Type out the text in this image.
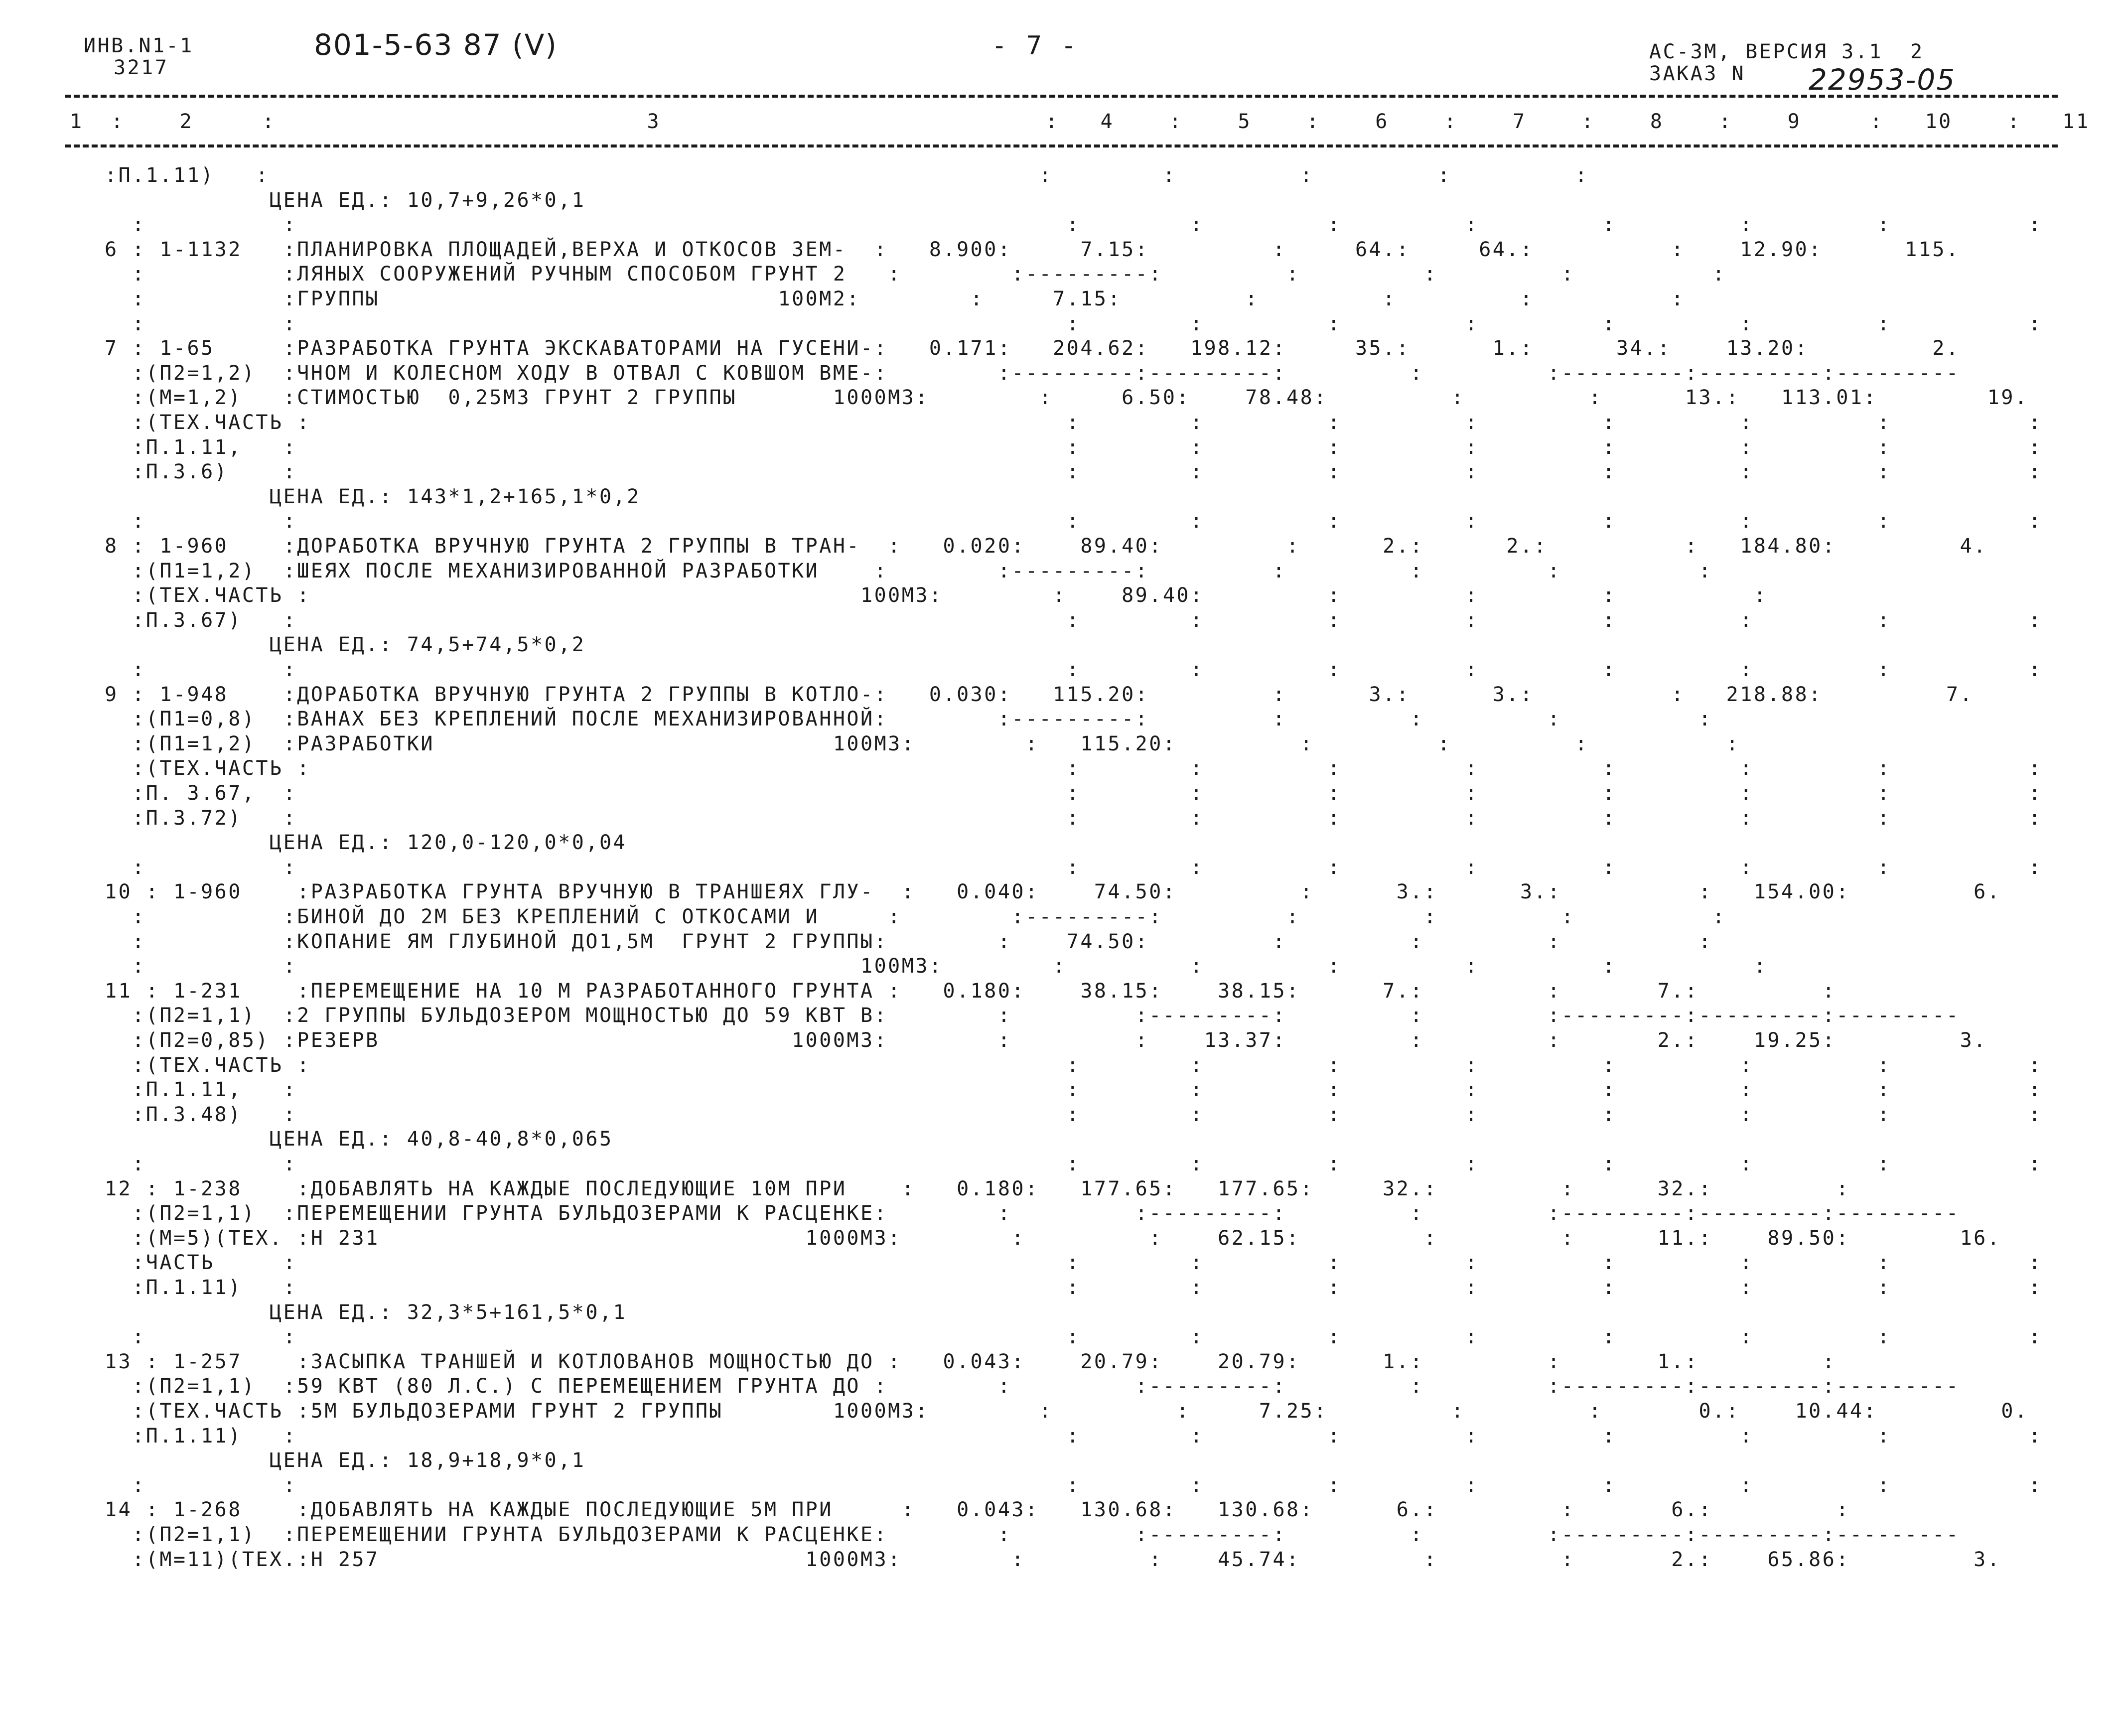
ИНВ.N1-1
3217
801-5-63 87 (V)	- 7 -	АС-3М, ВЕРСИЯ 3.1  2
ЗАКАЗ N 22953-05
1  :    2     :                           3                            :   4    :    5    :    6    :    7    :    8    :    9     :   10    :   11
:П.1.11)   :                                                        :        :         :         :         :
ЦЕНА ЕД.: 10,7+9,26*0,1
:          :                                                        :        :         :         :         :         :         :          :
6 : 1-1132   :ПЛАНИРОВКА ПЛОЩАДЕЙ,ВЕРХА И ОТКОСОВ ЗЕМ-  :   8.900:     7.15:         :     64.:     64.:          :    12.90:      115.
:          :ЛЯНЫХ СООРУЖЕНИЙ РУЧНЫМ СПОСОБОМ ГРУНТ 2   :        :---------:         :         :         :          :
:          :ГРУППЫ                             100М2:        :     7.15:         :         :         :          :
:          :                                                        :        :         :         :         :         :         :          :
7 : 1-65     :РАЗРАБОТКА ГРУНТА ЭКСКАВАТОРАМИ НА ГУСЕНИ-:   0.171:   204.62:   198.12:     35.:      1.:      34.:    13.20:         2.
:(П2=1,2)  :ЧНОМ И КОЛЕСНОМ ХОДУ В ОТВАЛ С КОВШОМ ВМЕ-:        :---------:---------:         :         :---------:---------:---------
:(М=1,2)   :СТИМОСТЬЮ  0,25М3 ГРУНТ 2 ГРУППЫ       1000М3:        :     6.50:    78.48:         :         :      13.:   113.01:        19.
:(ТЕХ.ЧАСТЬ :                                                       :        :         :         :         :         :         :          :
:П.1.11,   :                                                        :        :         :         :         :         :         :          :
:П.3.6)    :                                                        :        :         :         :         :         :         :          :
ЦЕНА ЕД.: 143*1,2+165,1*0,2
:          :                                                        :        :         :         :         :         :         :          :
8 : 1-960    :ДОРАБОТКА ВРУЧНУЮ ГРУНТА 2 ГРУППЫ В ТРАН-  :   0.020:    89.40:         :      2.:      2.:          :   184.80:         4.
:(П1=1,2)  :ШЕЯХ ПОСЛЕ МЕХАНИЗИРОВАННОЙ РАЗРАБОТКИ    :        :---------:         :         :         :          :
:(ТЕХ.ЧАСТЬ :                                        100М3:        :    89.40:         :         :         :          :
:П.3.67)   :                                                        :        :         :         :         :         :         :          :
ЦЕНА ЕД.: 74,5+74,5*0,2
:          :                                                        :        :         :         :         :         :         :          :
9 : 1-948    :ДОРАБОТКА ВРУЧНУЮ ГРУНТА 2 ГРУППЫ В КОТЛО-:   0.030:   115.20:         :      3.:      3.:          :   218.88:         7.
:(П1=0,8)  :ВАНАХ БЕЗ КРЕПЛЕНИЙ ПОСЛЕ МЕХАНИЗИРОВАННОЙ:        :---------:         :         :         :          :
:(П1=1,2)  :РАЗРАБОТКИ                             100М3:        :   115.20:         :         :         :          :
:(ТЕХ.ЧАСТЬ :                                                       :        :         :         :         :         :         :          :
:П. 3.67,  :                                                        :        :         :         :         :         :         :          :
:П.3.72)   :                                                        :        :         :         :         :         :         :          :
ЦЕНА ЕД.: 120,0-120,0*0,04
:          :                                                        :        :         :         :         :         :         :          :
10 : 1-960    :РАЗРАБОТКА ГРУНТА ВРУЧНУЮ В ТРАНШЕЯХ ГЛУ-  :   0.040:    74.50:         :      3.:      3.:          :   154.00:         6.
:          :БИНОЙ ДО 2М БЕЗ КРЕПЛЕНИЙ С ОТКОСАМИ И     :        :---------:         :         :         :          :
:          :КОПАНИЕ ЯМ ГЛУБИНОЙ ДО1,5М  ГРУНТ 2 ГРУППЫ:        :    74.50:         :         :         :          :
:          :                                         100М3:        :         :         :         :         :          :
11 : 1-231    :ПЕРЕМЕЩЕНИЕ НА 10 М РАЗРАБОТАННОГО ГРУНТА :   0.180:    38.15:    38.15:      7.:         :       7.:         :
:(П2=1,1)  :2 ГРУППЫ БУЛЬДОЗЕРОМ МОЩНОСТЬЮ ДО 59 КВТ В:        :         :---------:         :         :---------:---------:---------
:(П2=0,85) :РЕЗЕРВ                              1000М3:        :         :    13.37:         :         :       2.:    19.25:         3.
:(ТЕХ.ЧАСТЬ :                                                       :        :         :         :         :         :         :          :
:П.1.11,   :                                                        :        :         :         :         :         :         :          :
:П.3.48)   :                                                        :        :         :         :         :         :         :          :
ЦЕНА ЕД.: 40,8-40,8*0,065
:          :                                                        :        :         :         :         :         :         :          :
12 : 1-238    :ДОБАВЛЯТЬ НА КАЖДЫЕ ПОСЛЕДУЮЩИЕ 10М ПРИ    :   0.180:   177.65:   177.65:     32.:         :      32.:         :
:(П2=1,1)  :ПЕРЕМЕЩЕНИИ ГРУНТА БУЛЬДОЗЕРАМИ К РАСЦЕНКЕ:        :         :---------:         :         :---------:---------:---------
:(М=5)(ТЕХ. :Н 231                               1000М3:        :         :    62.15:         :         :      11.:    89.50:        16.
:ЧАСТЬ     :                                                        :        :         :         :         :         :         :          :
:П.1.11)   :                                                        :        :         :         :         :         :         :          :
ЦЕНА ЕД.: 32,3*5+161,5*0,1
:          :                                                        :        :         :         :         :         :         :          :
13 : 1-257    :ЗАСЫПКА ТРАНШЕЙ И КОТЛОВАНОВ МОЩНОСТЬЮ ДО :   0.043:    20.79:    20.79:      1.:         :       1.:         :
:(П2=1,1)  :59 КВТ (80 Л.С.) С ПЕРЕМЕЩЕНИЕМ ГРУНТА ДО :        :         :---------:         :         :---------:---------:---------
:(ТЕХ.ЧАСТЬ :5М БУЛЬДОЗЕРАМИ ГРУНТ 2 ГРУППЫ        1000М3:        :         :     7.25:         :         :       0.:    10.44:         0.
:П.1.11)   :                                                        :        :         :         :         :         :         :          :
ЦЕНА ЕД.: 18,9+18,9*0,1
:          :                                                        :        :         :         :         :         :         :          :
14 : 1-268    :ДОБАВЛЯТЬ НА КАЖДЫЕ ПОСЛЕДУЮЩИЕ 5М ПРИ     :   0.043:   130.68:   130.68:      6.:         :       6.:         :
:(П2=1,1)  :ПЕРЕМЕЩЕНИИ ГРУНТА БУЛЬДОЗЕРАМИ К РАСЦЕНКЕ:        :         :---------:         :         :---------:---------:---------
:(М=11)(ТЕХ.:Н 257                               1000М3:        :         :    45.74:         :         :       2.:    65.86:         3.
